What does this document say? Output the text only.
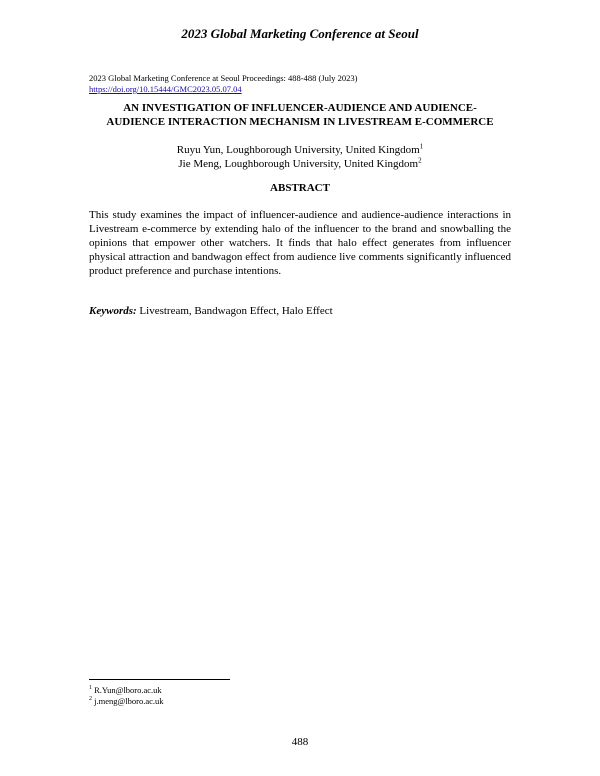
2023 Global Marketing Conference at Seoul
2023 Global Marketing Conference at Seoul Proceedings: 488-488 (July 2023)
https://doi.org/10.15444/GMC2023.05.07.04
AN INVESTIGATION OF INFLUENCER-AUDIENCE AND AUDIENCE-
AUDIENCE INTERACTION MECHANISM IN LIVESTREAM E-COMMERCE
Ruyu Yun, Loughborough University, United Kingdom$^1$
Jie Meng, Loughborough University, United Kingdom$^2$
ABSTRACT
This study examines the impact of influencer-audience and audience-audience interactions in Livestream e-commerce by extending halo of the influencer to the brand and snowballing the opinions that empower other watchers. It finds that halo effect generates from influencer physical attraction and bandwagon effect from audience live comments significantly influenced product preference and purchase intentions.
Keywords: Livestream, Bandwagon Effect, Halo Effect
$^1$ R.Yun@lboro.ac.uk
$^2$ j.meng@lboro.ac.uk
488
